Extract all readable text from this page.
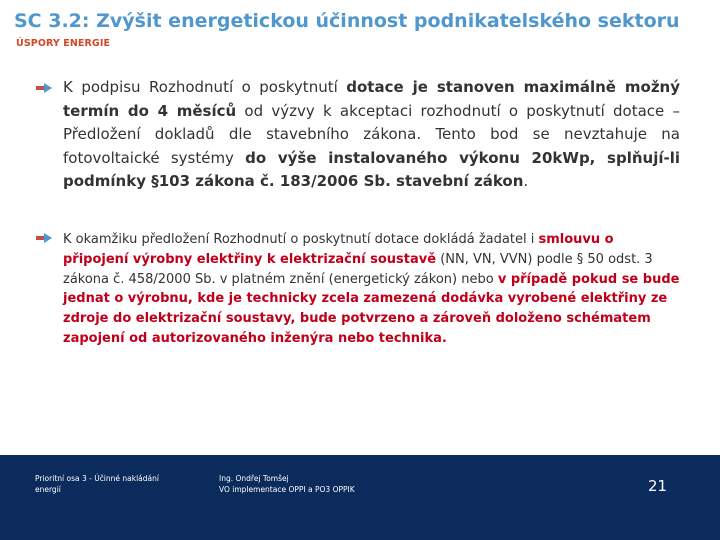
SC 3.2: Zvýšit energetickou účinnost podnikatelského sektoru
ÚSPORY ENERGIE
K podpisu Rozhodnutí o poskytnutí dotace je stanoven maximálně možný termín do 4 měsíců od výzvy k akceptaci rozhodnutí o poskytnutí dotace – Předložení dokladů dle stavebního zákona. Tento bod se nevztahuje na fotovoltaické systémy do výše instalovaného výkonu 20kWp, splňují-li podmínky §103 zákona č. 183/2006 Sb. stavební zákon.
K okamžiku předložení Rozhodnutí o poskytnutí dotace dokládá žadatel i smlouvu o připojení výrobny elektřiny k elektrizační soustavě (NN, VN, VVN) podle § 50 odst. 3 zákona č. 458/2000 Sb. v platném znění (energetický zákon) nebo v případě pokud se bude jednat o výrobnu, kde je technicky zcela zamezená dodávka vyrobené elektřiny ze zdroje do elektrizační soustavy, bude potvrzeno a zároveň doloženo schématem zapojení od autorizovaného inženýra nebo technika.
Prioritní osa 3 - Účinné nakládání
energií
Ing. Ondřej Tomšej
VO implementace OPPI a PO3 OPPIK	21
